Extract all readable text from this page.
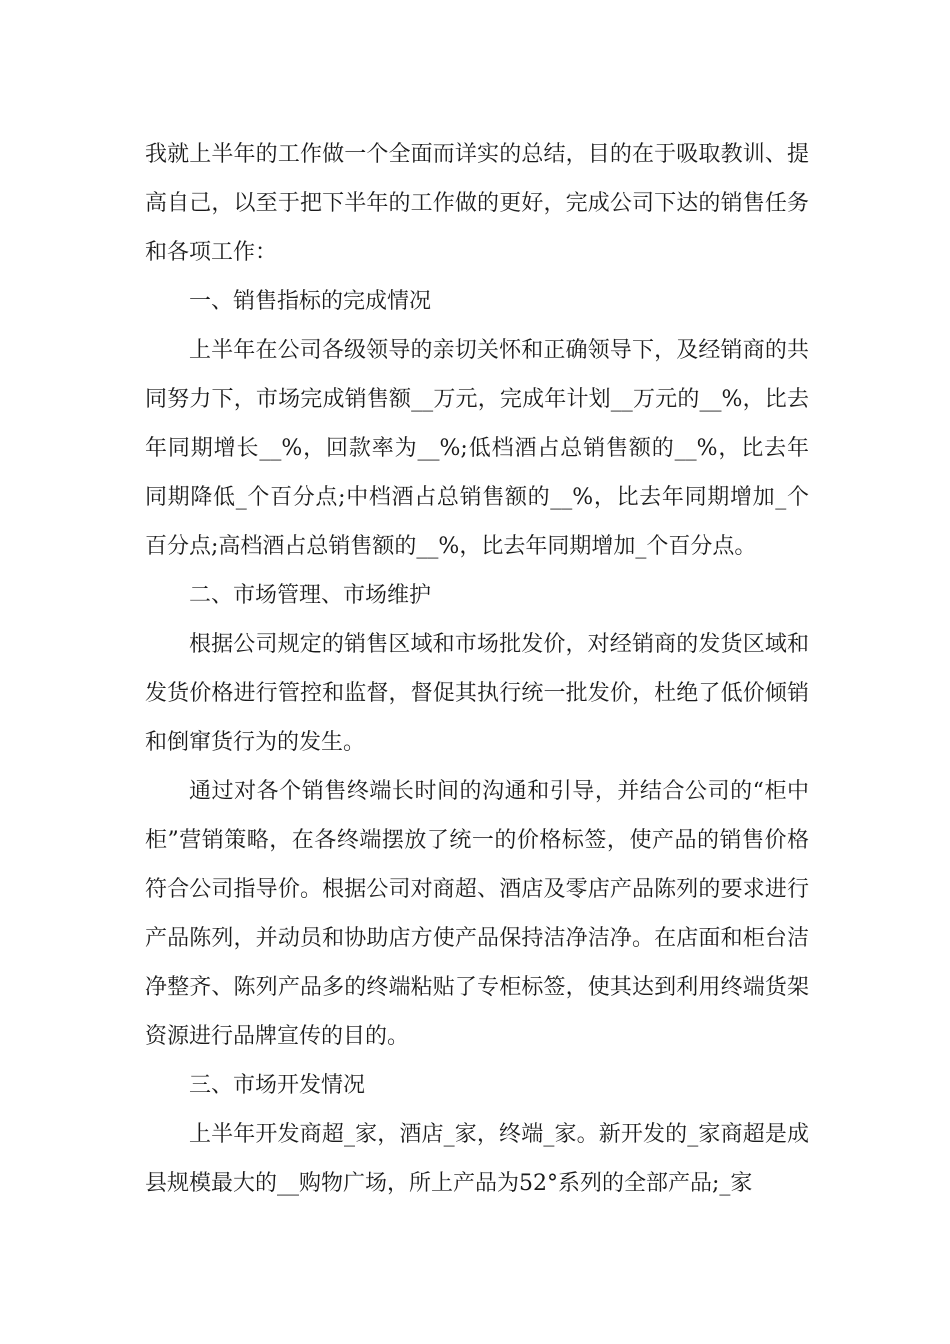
我就上半年的工作做一个全面而详实的总结，目的在于吸取教训、提高自己，以至于把下半年的工作做的更好，完成公司下达的销售任务和各项工作：

一、销售指标的完成情况

上半年在公司各级领导的亲切关怀和正确领导下，及经销商的共同努力下，市场完成销售额__万元，完成年计划__万元的__%，比去年同期增长__%，回款率为__%;低档酒占总销售额的__%，比去年同期降低_个百分点;中档酒占总销售额的__%，比去年同期增加_个百分点;高档酒占总销售额的__%，比去年同期增加_个百分点。

二、市场管理、市场维护

根据公司规定的销售区域和市场批发价，对经销商的发货区域和发货价格进行管控和监督，督促其执行统一批发价，杜绝了低价倾销和倒窜货行为的发生。

通过对各个销售终端长时间的沟通和引导，并结合公司的“柜中柜”营销策略，在各终端摆放了统一的价格标签，使产品的销售价格符合公司指导价。根据公司对商超、酒店及零店产品陈列的要求进行产品陈列，并动员和协助店方使产品保持洁净洁净。在店面和柜台洁净整齐、陈列产品多的终端粘贴了专柜标签，使其达到利用终端货架资源进行品牌宣传的目的。

三、市场开发情况

上半年开发商超_家，酒店_家，终端_家。新开发的_家商超是成县规模最大的__购物广场，所上产品为52°系列的全部产品;_家
